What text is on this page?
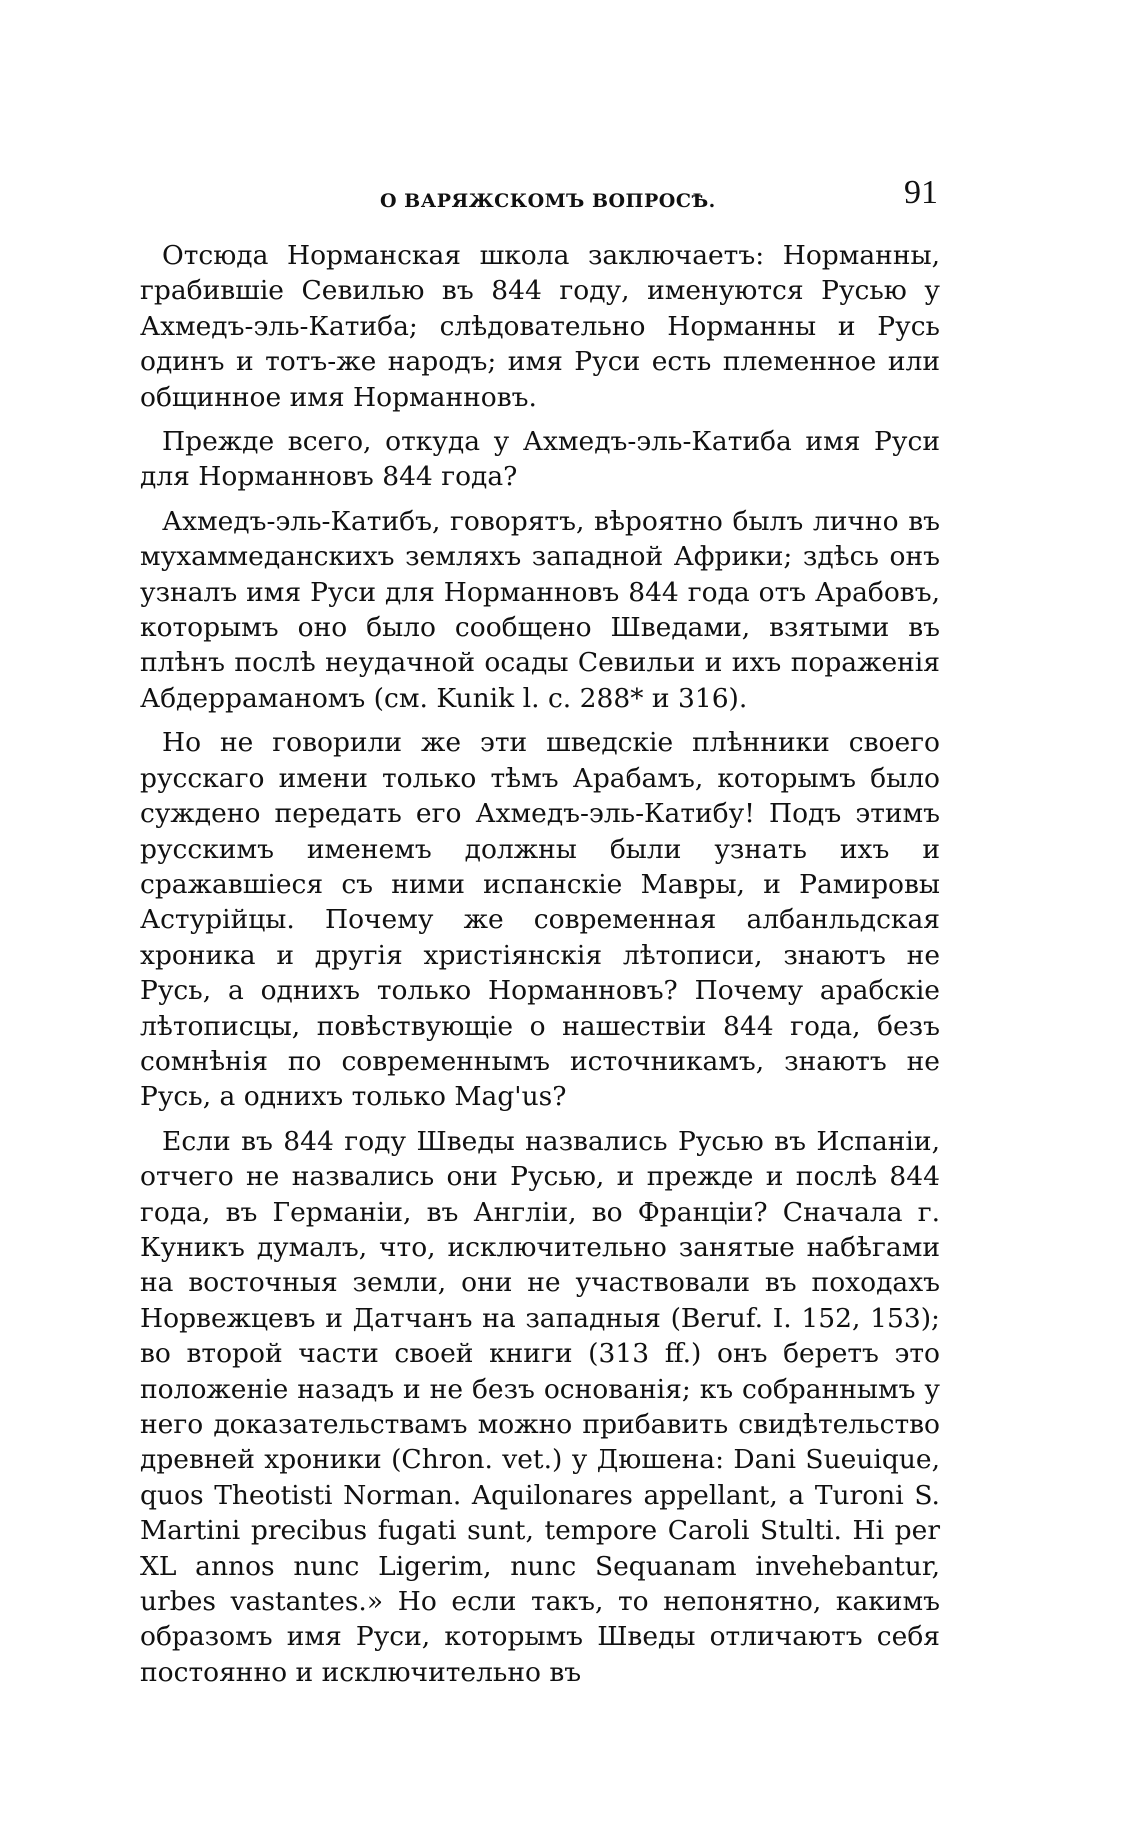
О ВАРЯЖСКОМЪ ВОПРОСѢ.	91

Отсюда Норманская школа заключаетъ: Норманны, грабившіе Севилью въ 844 году, именуются Русью у Ахмедъ-эль-Катиба; слѣдовательно Норманны и Русь одинъ и тотъ-же народъ; имя Руси есть племенное или общинное имя Норманновъ.

Прежде всего, откуда у Ахмедъ-эль-Катиба имя Руси для Норманновъ 844 года?

Ахмедъ-эль-Катибъ, говорятъ, вѣроятно былъ лично въ мухаммеданскихъ земляхъ западной Африки; здѣсь онъ узналъ имя Руси для Норманновъ 844 года отъ Арабовъ, которымъ оно было сообщено Шведами, взятыми въ плѣнъ послѣ неудачной осады Севильи и ихъ пораженія Абдеррамaномъ (см. Kunik l. c. 288* и 316).

Но не говорили же эти шведскіе плѣнники своего русскаго имени только тѣмъ Арабамъ, которымъ было суждено передать его Ахмедъ-эль-Катибу! Подъ этимъ русскимъ именемъ должны были узнать ихъ и сражавшіеся съ ними испанскіе Мавры, и Рамировы Астурійцы. Почему же современная албанльдская хроника и другія христіянскія лѣтописи, знаютъ не Русь, а однихъ только Норманновъ? Почему арабскіе лѣтописцы, повѣствующіе о нашествіи 844 года, безъ сомнѣнія по современнымъ источникамъ, знаютъ не Русь, а однихъ только Mag'us?

Если въ 844 году Шведы назвались Русью въ Испаніи, отчего не назвались они Русью, и прежде и послѣ 844 года, въ Германіи, въ Англіи, во Франціи? Сначала г. Куникъ думалъ, что, исключительно занятые набѣгами на восточныя земли, они не участвовали въ походахъ Норвежцевъ и Датчанъ на западныя (Beruf. I. 152, 153); во второй части своей книги (313 ff.) онъ беретъ это положеніе назадъ и не безъ основанія; къ собраннымъ у него доказательствамъ можно прибавить свидѣтельство древней хроники (Chron. vet.) у Дюшена: Dani Sueuique, quos Theotisti Norman. Aquilonares appellant, a Turoni S. Martini precibus fugati sunt, tempore Caroli Stulti. Hi per XL annos nunc Ligerim, nunc Sequanam invehebantur, urbes vastantes.» Но если такъ, то непонятно, какимъ образомъ имя Руси, которымъ Шведы отличаютъ себя постоянно и исключительно въ
